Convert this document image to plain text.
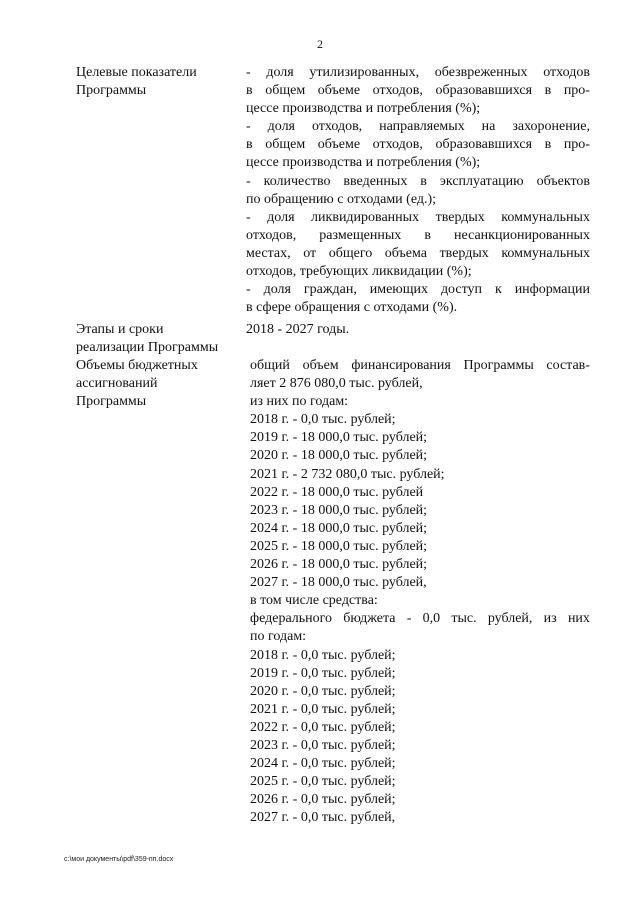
2
Целевые показатели
Программы
- доля утилизированных, обезвреженных отходов
в общем объеме отходов, образовавшихся в про-
цессе производства и потребления (%);
- доля отходов, направляемых на захоронение,
в общем объеме отходов, образовавшихся в про-
цессе производства и потребления (%);
- количество введенных в эксплуатацию объектов
по обращению с отходами (ед.);
- доля ликвидированных твердых коммунальных
отходов, размещенных в несанкционированных
местах, от общего объема твердых коммунальных
отходов, требующих ликвидации (%);
- доля граждан, имеющих доступ к информации
в сфере обращения с отходами (%).
Этапы и сроки
реализации Программы
2018 - 2027 годы.
Объемы бюджетных
ассигнований
Программы
общий объем финансирования Программы состав-
ляет 2 876 080,0 тыс. рублей,
из них по годам:
2018 г. - 0,0 тыс. рублей;
2019 г. - 18 000,0 тыс. рублей;
2020 г. - 18 000,0 тыс. рублей;
2021 г. - 2 732 080,0 тыс. рублей;
2022 г. - 18 000,0 тыс. рублей
2023 г. - 18 000,0 тыс. рублей;
2024 г. - 18 000,0 тыс. рублей;
2025 г. - 18 000,0 тыс. рублей;
2026 г. - 18 000,0 тыс. рублей;
2027 г. - 18 000,0 тыс. рублей,
в том числе средства:
федерального бюджета - 0,0 тыс. рублей, из них
по годам:
2018 г. - 0,0 тыс. рублей;
2019 г. - 0,0 тыс. рублей;
2020 г. - 0,0 тыс. рублей;
2021 г. - 0,0 тыс. рублей;
2022 г. - 0,0 тыс. рублей;
2023 г. - 0,0 тыс. рублей;
2024 г. - 0,0 тыс. рублей;
2025 г. - 0,0 тыс. рублей;
2026 г. - 0,0 тыс. рублей;
2027 г. - 0,0 тыс. рублей,
c:\мои документы\pdf\359-пп.docx
